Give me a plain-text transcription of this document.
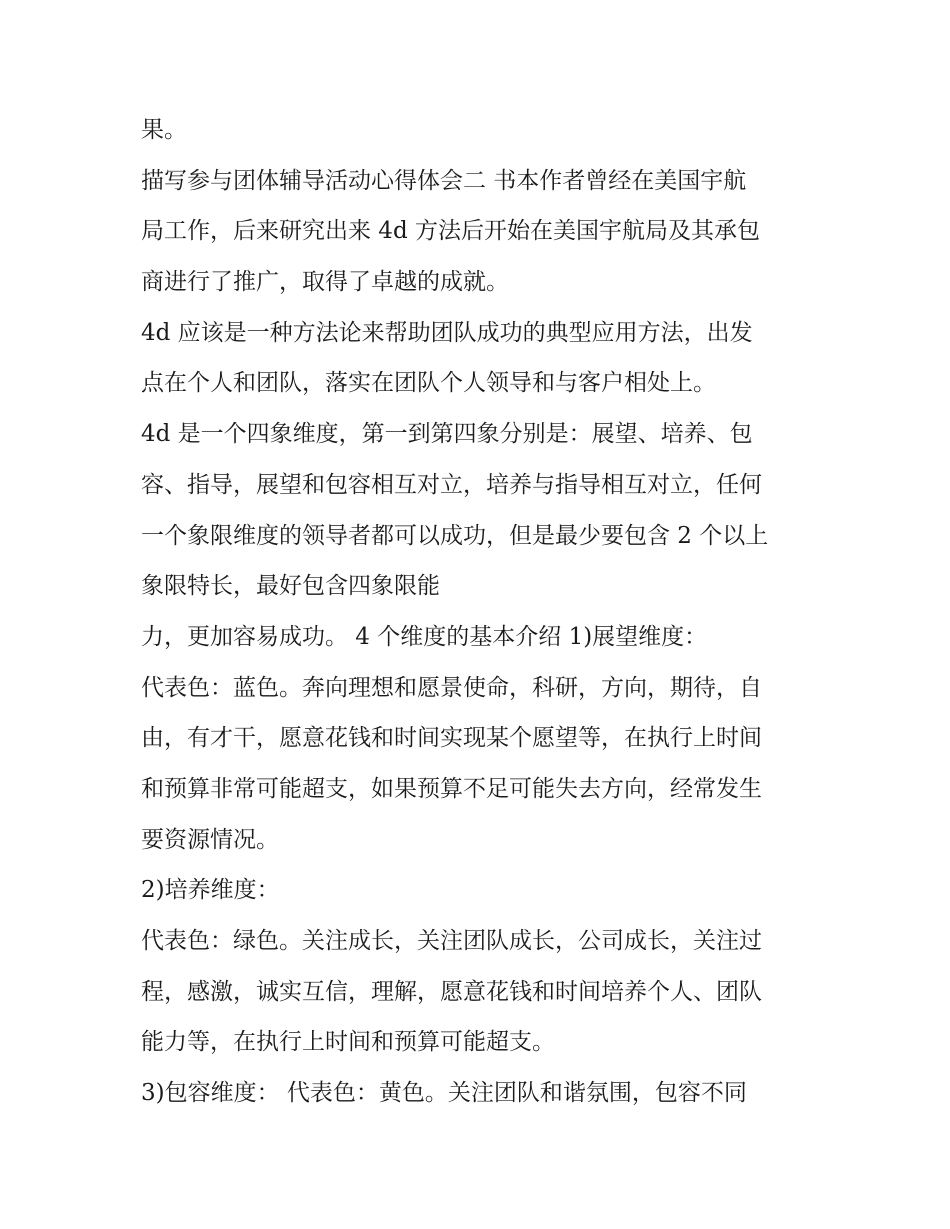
果。
描写参与团体辅导活动心得体会二 书本作者曾经在美国宇航
局工作，后来研究出来 4d 方法后开始在美国宇航局及其承包
商进行了推广，取得了卓越的成就。
4d 应该是一种方法论来帮助团队成功的典型应用方法，出发
点在个人和团队，落实在团队个人领导和与客户相处上。
4d 是一个四象维度，第一到第四象分别是：展望、培养、包
容、指导，展望和包容相互对立，培养与指导相互对立，任何
一个象限维度的领导者都可以成功，但是最少要包含 2 个以上
象限特长，最好包含四象限能
力，更加容易成功。 4 个维度的基本介绍 1)展望维度：
代表色：蓝色。奔向理想和愿景使命，科研，方向，期待，自
由，有才干，愿意花钱和时间实现某个愿望等，在执行上时间
和预算非常可能超支，如果预算不足可能失去方向，经常发生
要资源情况。
2)培养维度：
代表色：绿色。关注成长，关注团队成长，公司成长，关注过
程，感激，诚实互信，理解，愿意花钱和时间培养个人、团队
能力等，在执行上时间和预算可能超支。
3)包容维度： 代表色：黄色。关注团队和谐氛围，包容不同
